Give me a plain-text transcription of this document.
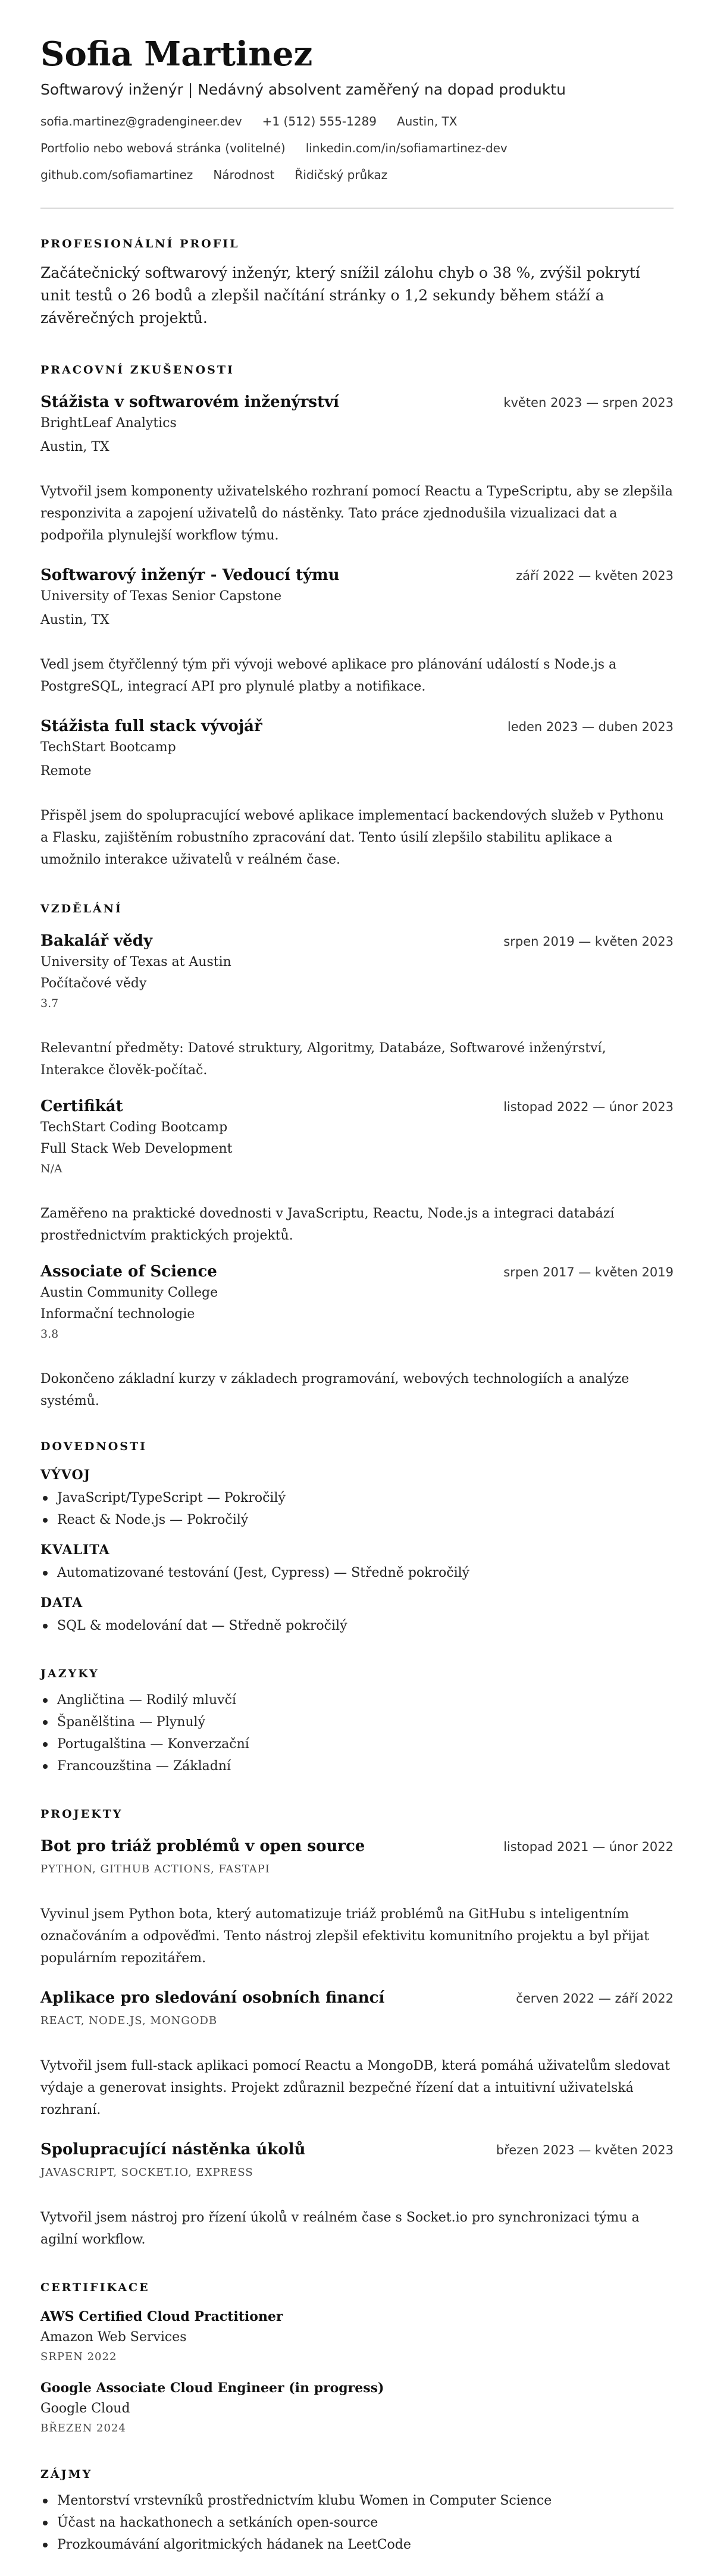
Sofia Martinez
Softwarový inženýr | Nedávný absolvent zaměřený na dopad produktu
sofia.martinez@gradengineer.dev +1 (512) 555-1289 Austin, TX
Portfolio nebo webová stránka (volitelné) linkedin.com/in/sofiamartinez-dev
github.com/sofiamartinez Národnost Řidičský průkaz
PROFESIONÁLNÍ PROFIL
Začátečnický softwarový inženýr, který snížil zálohu chyb o 38 %, zvýšil pokrytí unit testů o 26 bodů a zlepšil načítání stránky o 1,2 sekundy během stáží a závěrečných projektů.
PRACOVNÍ ZKUŠENOSTI
Stážista v softwarovém inženýrství	květen 2023 — srpen 2023
BrightLeaf Analytics
Austin, TX
Vytvořil jsem komponenty uživatelského rozhraní pomocí Reactu a TypeScriptu, aby se zlepšila responzivita a zapojení uživatelů do nástěnky. Tato práce zjednodušila vizualizaci dat a podpořila plynulejší workflow týmu.
Softwarový inženýr - Vedoucí týmu	září 2022 — květen 2023
University of Texas Senior Capstone
Austin, TX
Vedl jsem čtyřčlenný tým při vývoji webové aplikace pro plánování událostí s Node.js a PostgreSQL, integrací API pro plynulé platby a notifikace.
Stážista full stack vývojář	leden 2023 — duben 2023
TechStart Bootcamp
Remote
Přispěl jsem do spolupracující webové aplikace implementací backendových služeb v Pythonu a Flasku, zajištěním robustního zpracování dat. Tento úsilí zlepšilo stabilitu aplikace a umožnilo interakce uživatelů v reálném čase.
VZDĚLÁNÍ
Bakalář vědy	srpen 2019 — květen 2023
University of Texas at Austin
Počítačové vědy
3.7
Relevantní předměty: Datové struktury, Algoritmy, Databáze, Softwarové inženýrství, Interakce člověk-počítač.
Certifikát	listopad 2022 — únor 2023
TechStart Coding Bootcamp
Full Stack Web Development
N/A
Zaměřeno na praktické dovednosti v JavaScriptu, Reactu, Node.js a integraci databází prostřednictvím praktických projektů.
Associate of Science	srpen 2017 — květen 2019
Austin Community College
Informační technologie
3.8
Dokončeno základní kurzy v základech programování, webových technologiích a analýze systémů.
DOVEDNOSTI
VÝVOJ
JavaScript/TypeScript — Pokročilý
React & Node.js — Pokročilý
KVALITA
Automatizované testování (Jest, Cypress) — Středně pokročilý
DATA
SQL & modelování dat — Středně pokročilý
JAZYKY
Angličtina — Rodilý mluvčí
Španělština — Plynulý
Portugalština — Konverzační
Francouzština — Základní
PROJEKTY
Bot pro triáž problémů v open source	listopad 2021 — únor 2022
PYTHON, GITHUB ACTIONS, FASTAPI
Vyvinul jsem Python bota, který automatizuje triáž problémů na GitHubu s inteligentním označováním a odpověďmi. Tento nástroj zlepšil efektivitu komunitního projektu a byl přijat populárním repozitářem.
Aplikace pro sledování osobních financí	červen 2022 — září 2022
REACT, NODE.JS, MONGODB
Vytvořil jsem full-stack aplikaci pomocí Reactu a MongoDB, která pomáhá uživatelům sledovat výdaje a generovat insights. Projekt zdůraznil bezpečné řízení dat a intuitivní uživatelská rozhraní.
Spolupracující nástěnka úkolů	březen 2023 — květen 2023
JAVASCRIPT, SOCKET.IO, EXPRESS
Vytvořil jsem nástroj pro řízení úkolů v reálném čase s Socket.io pro synchronizaci týmu a agilní workflow.
CERTIFIKACE
AWS Certified Cloud Practitioner
Amazon Web Services
SRPEN 2022
Google Associate Cloud Engineer (in progress)
Google Cloud
BŘEZEN 2024
ZÁJMY
Mentorství vrstevníků prostřednictvím klubu Women in Computer Science
Účast na hackathonech a setkáních open-source
Prozkoumávání algoritmických hádanek na LeetCode
